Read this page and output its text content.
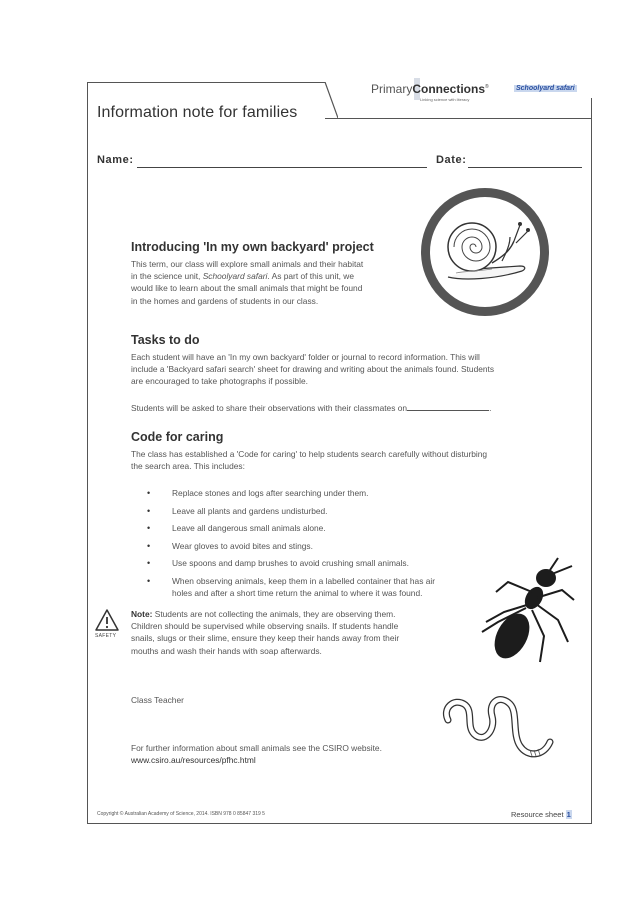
Information note for families
PrimaryConnections®
Linking science with literacy
Schoolyard safari
Name:	Date:
Introducing 'In my own backyard' project
This term, our class will explore small animals and their habitat
in the science unit, Schoolyard safari. As part of this unit, we
would like to learn about the small animals that might be found
in the homes and gardens of students in our class.
Tasks to do
Each student will have an 'In my own backyard' folder or journal to record information. This will
include a 'Backyard safari search' sheet for drawing and writing about the animals found. Students
are encouraged to take photographs if possible.
Students will be asked to share their observations with their classmates on	.
Code for caring
The class has established a 'Code for caring' to help students search carefully without disturbing
the search area. This includes:
• Replace stones and logs after searching under them.
• Leave all plants and gardens undisturbed.
• Leave all dangerous small animals alone.
• Wear gloves to avoid bites and stings.
• Use spoons and damp brushes to avoid crushing small animals.
• When observing animals, keep them in a labelled container that has air
holes and after a short time return the animal to where it was found.
SAFETY
Note: Students are not collecting the animals, they are observing them.
Children should be supervised while observing snails. If students handle
snails, slugs or their slime, ensure they keep their hands away from their
mouths and wash their hands with soap afterwards.
Class Teacher
For further information about small animals see the CSIRO website.
www.csiro.au/resources/pfhc.html
Copyright © Australian Academy of Science, 2014. ISBN 978 0 85847 319 5	Resource sheet 1
